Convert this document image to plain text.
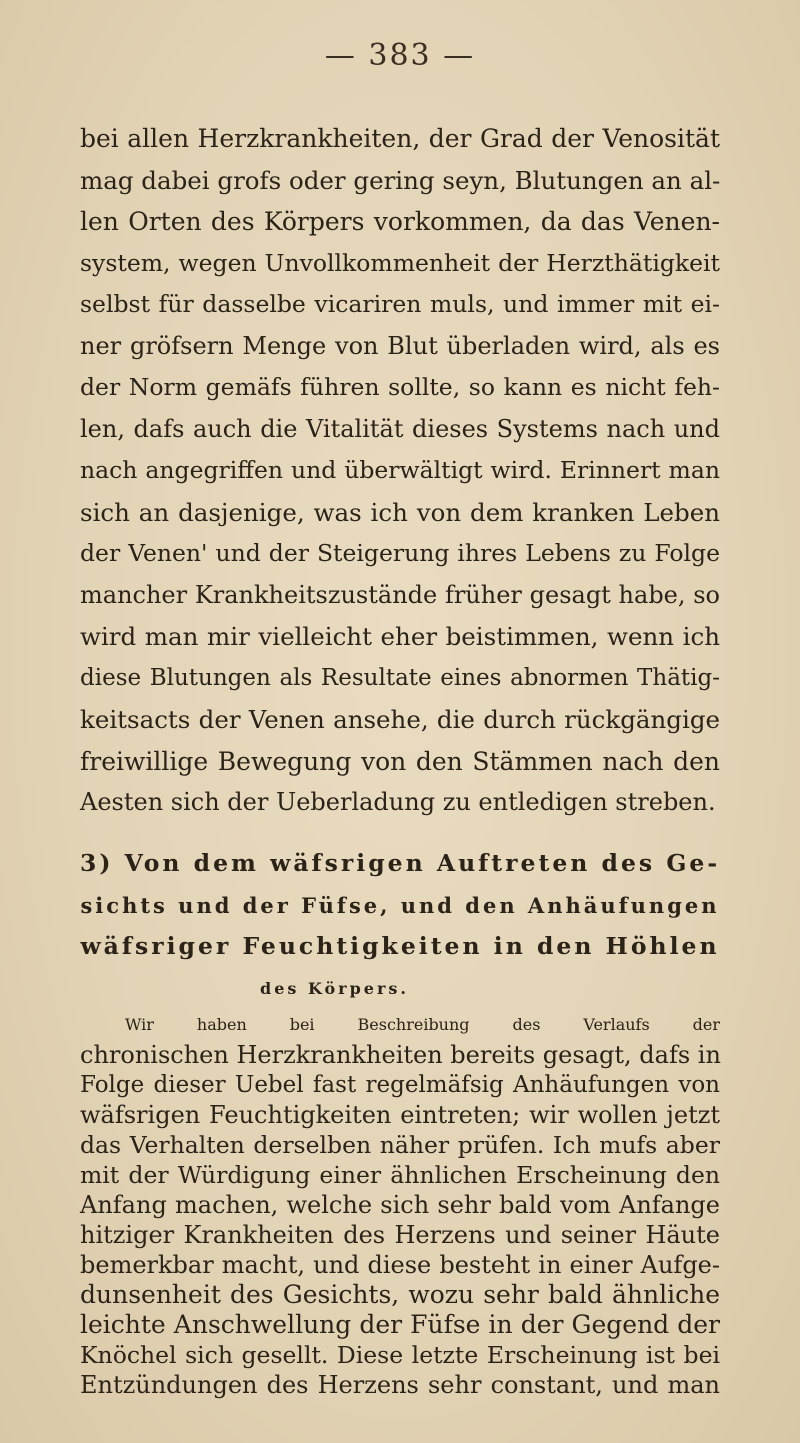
— 383 —
bei allen Herzkrankheiten, der Grad der Venosität
mag dabei grofs oder gering seyn, Blutungen an al-
len Orten des Körpers vorkommen, da das Venen-
system, wegen Unvollkommenheit der Herzthätigkeit
selbst für dasselbe vicariren muls, und immer mit ei-
ner gröfsern Menge von Blut überladen wird, als es
der Norm gemäfs führen sollte, so kann es nicht feh-
len, dafs auch die Vitalität dieses Systems nach und
nach angegriffen und überwältigt wird. Erinnert man
sich an dasjenige, was ich von dem kranken Leben
der Venen' und der Steigerung ihres Lebens zu Folge
mancher Krankheitszustände früher gesagt habe, so
wird man mir vielleicht eher beistimmen, wenn ich
diese Blutungen als Resultate eines abnormen Thätig-
keitsacts der Venen ansehe, die durch rückgängige
freiwillige Bewegung von den Stämmen nach den
Aesten sich der Ueberladung zu entledigen streben.
3) Von dem wäfsrigen Auftreten des Ge-
sichts und der Füfse, und den Anhäufungen
wäfsriger Feuchtigkeiten in den Höhlen
des Körpers.
Wir haben bei Beschreibung des Verlaufs der
chronischen Herzkrankheiten bereits gesagt, dafs in
Folge dieser Uebel fast regelmäfsig Anhäufungen von
wäfsrigen Feuchtigkeiten eintreten; wir wollen jetzt
das Verhalten derselben näher prüfen. Ich mufs aber
mit der Würdigung einer ähnlichen Erscheinung den
Anfang machen, welche sich sehr bald vom Anfange
hitziger Krankheiten des Herzens und seiner Häute
bemerkbar macht, und diese besteht in einer Aufge-
dunsenheit des Gesichts, wozu sehr bald ähnliche
leichte Anschwellung der Füfse in der Gegend der
Knöchel sich gesellt. Diese letzte Erscheinung ist bei
Entzündungen des Herzens sehr constant, und man
